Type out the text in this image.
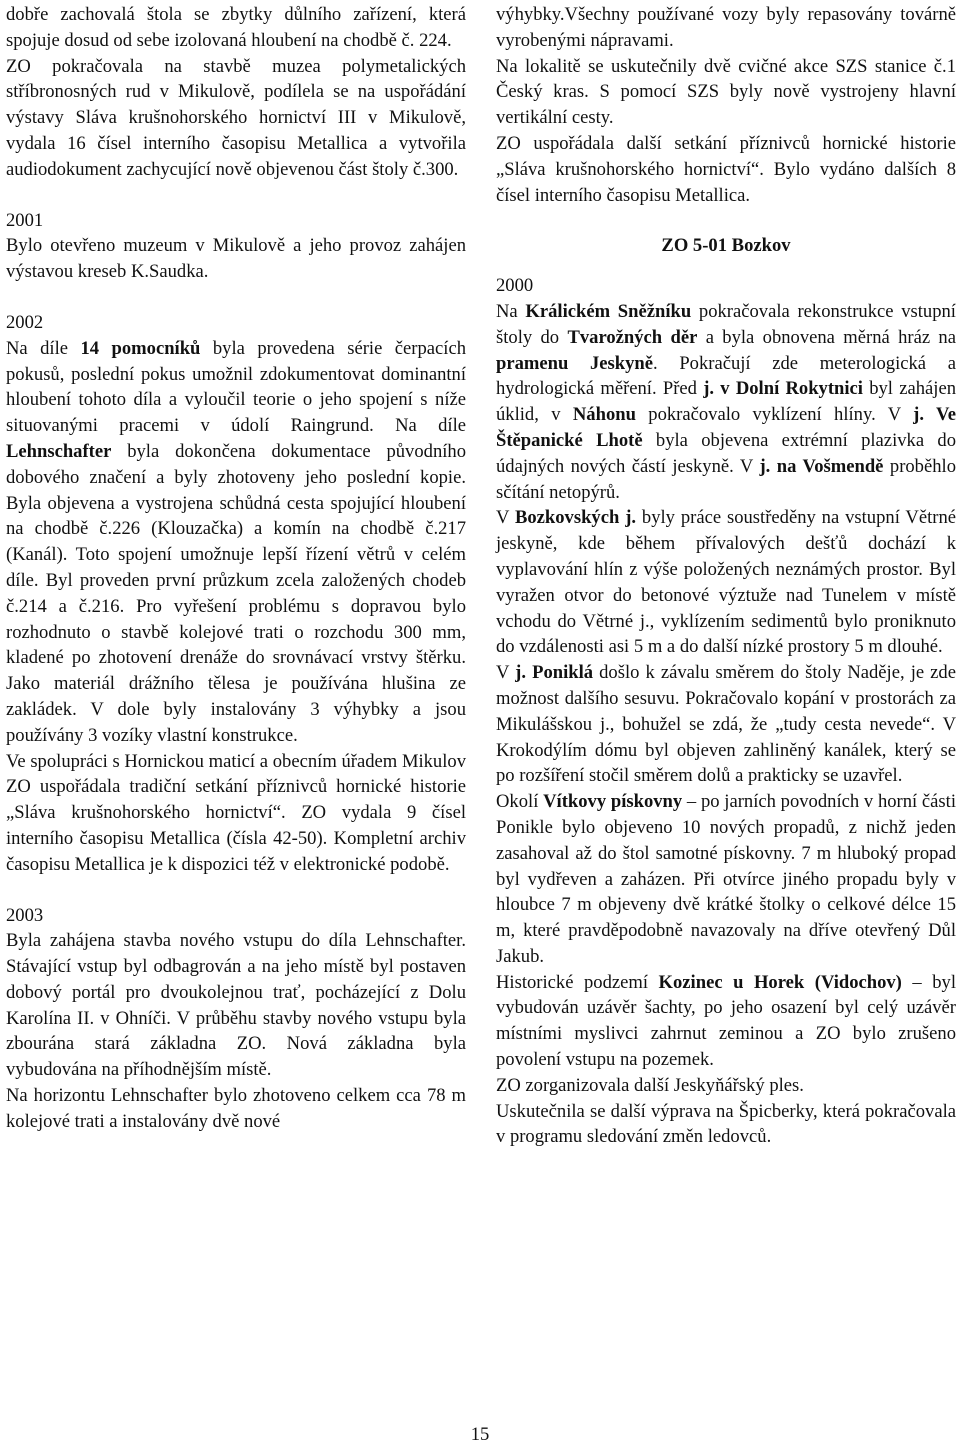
dobře zachovalá štola se zbytky důlního zařízení, která spojuje dosud od sebe izolovaná hloubení na chodbě č. 224.

ZO pokračovala na stavbě muzea polymetalických stříbronosných rud v Mikulově, podílela se na uspořádání výstavy Sláva krušnohorského hornictví III v Mikulově, vydala 16 čísel interního časopisu Metallica a vytvořila audiodokument zachycující nově objevenou část štoly č.300.

2001

Bylo otevřeno muzeum v Mikulově a jeho provoz zahájen výstavou kreseb K.Saudka.

2002

Na díle 14 pomocníků byla provedena série čerpacích pokusů, poslední pokus umožnil zdokumentovat dominantní hloubení tohoto díla a vyloučil teorie o jeho spojení s níže situovanými pracemi v údolí Raingrund. Na díle Lehnschafter byla dokončena dokumentace původního dobového značení a byly zhotoveny jeho poslední kopie. Byla objevena a vystrojena schůdná cesta spojující hloubení na chodbě č.226 (Klouzačka) a komín na chodbě č.217 (Kanál). Toto spojení umožnuje lepší řízení větrů v celém díle. Byl proveden první průzkum zcela založených chodeb č.214 a č.216. Pro vyřešení problému s dopravou bylo rozhodnuto o stavbě kolejové trati o rozchodu 300 mm, kladené po zhotovení drenáže do srovnávací vrstvy štěrku. Jako materiál drážního tělesa je používána hlušina ze zakládek. V dole byly instalovány 3 výhybky a jsou používány 3 vozíky vlastní konstrukce.

Ve spolupráci s Hornickou maticí a obecním úřadem Mikulov ZO uspořádala tradiční setkání příznivců hornické historie „Sláva krušnohorského hornictví“. ZO vydala 9 čísel interního časopisu Metallica (čísla 42-50). Kompletní archiv časopisu Metallica je k dispozici též v elektronické podobě.

2003

Byla zahájena stavba nového vstupu do díla Lehnschafter. Stávající vstup byl odbagrován a na jeho místě byl postaven dobový portál pro dvoukolejnou trať, pocházející z Dolu Karolína II. v Ohníči. V průběhu stavby nového vstupu byla zbourána stará základna ZO. Nová základna byla vybudována na příhodnějším místě.

Na horizontu Lehnschafter bylo zhotoveno celkem cca 78 m kolejové trati a instalovány dvě nové

výhybky.Všechny používané vozy byly repasovány továrně vyrobenými nápravami.

Na lokalitě se uskutečnily dvě cvičné akce SZS stanice č.1 Český kras. S pomocí SZS byly nově vystrojeny hlavní vertikální cesty.

ZO uspořádala další setkání příznivců hornické historie „Sláva krušnohorského hornictví“. Bylo vydáno dalších 8 čísel interního časopisu Metallica.

ZO 5-01 Bozkov

2000

Na Králickém Sněžníku pokračovala rekonstrukce vstupní štoly do Tvarožných děr a byla obnovena měrná hráz na pramenu Jeskyně. Pokračují zde meterologická a hydrologická měření. Před j. v Dolní Rokytnici byl zahájen úklid, v Náhonu pokračovalo vyklízení hlíny. V j. Ve Štěpanické Lhotě byla objevena extrémní plazivka do údajných nových částí jeskyně. V j. na Vošmendě proběhlo sčítání netopýrů.

V Bozkovských j. byly práce soustředěny na vstupní Větrné jeskyně, kde během přívalových dešťů dochází k vyplavování hlín z výše položených neznámých prostor. Byl vyražen otvor do betonové výztuže nad Tunelem v místě vchodu do Větrné j., vyklízením sedimentů bylo proniknuto do vzdálenosti asi 5 m a do další nízké prostory 5 m dlouhé.

V j. Poniklá došlo k závalu směrem do štoly Naděje, je zde možnost dalšího sesuvu. Pokračovalo kopání v prostorách za Mikulášskou j., bohužel se zdá, že „tudy cesta nevede“. V Krokodýlím dómu byl objeven zahliněný kanálek, který se po rozšíření stočil směrem dolů a prakticky se uzavřel.

Okolí Vítkovy pískovny – po jarních povodních v horní části Ponikle bylo objeveno 10 nových propadů, z nichž jeden zasahoval až do štol samotné pískovny. 7 m hluboký propad byl vydřeven a zaházen. Při otvírce jiného propadu byly v hloubce 7 m objeveny dvě krátké štolky o celkové délce 15 m, které pravděpodobně navazovaly na dříve otevřený Důl Jakub.

Historické podzemí Kozinec u Horek (Vidochov) – byl vybudován uzávěr šachty, po jeho osazení byl celý uzávěr místními myslivci zahrnut zeminou a ZO bylo zrušeno povolení vstupu na pozemek.

ZO zorganizovala další Jeskyňářský ples.

Uskutečnila se další výprava na Špicberky, která pokračovala v programu sledování změn ledovců.

15
